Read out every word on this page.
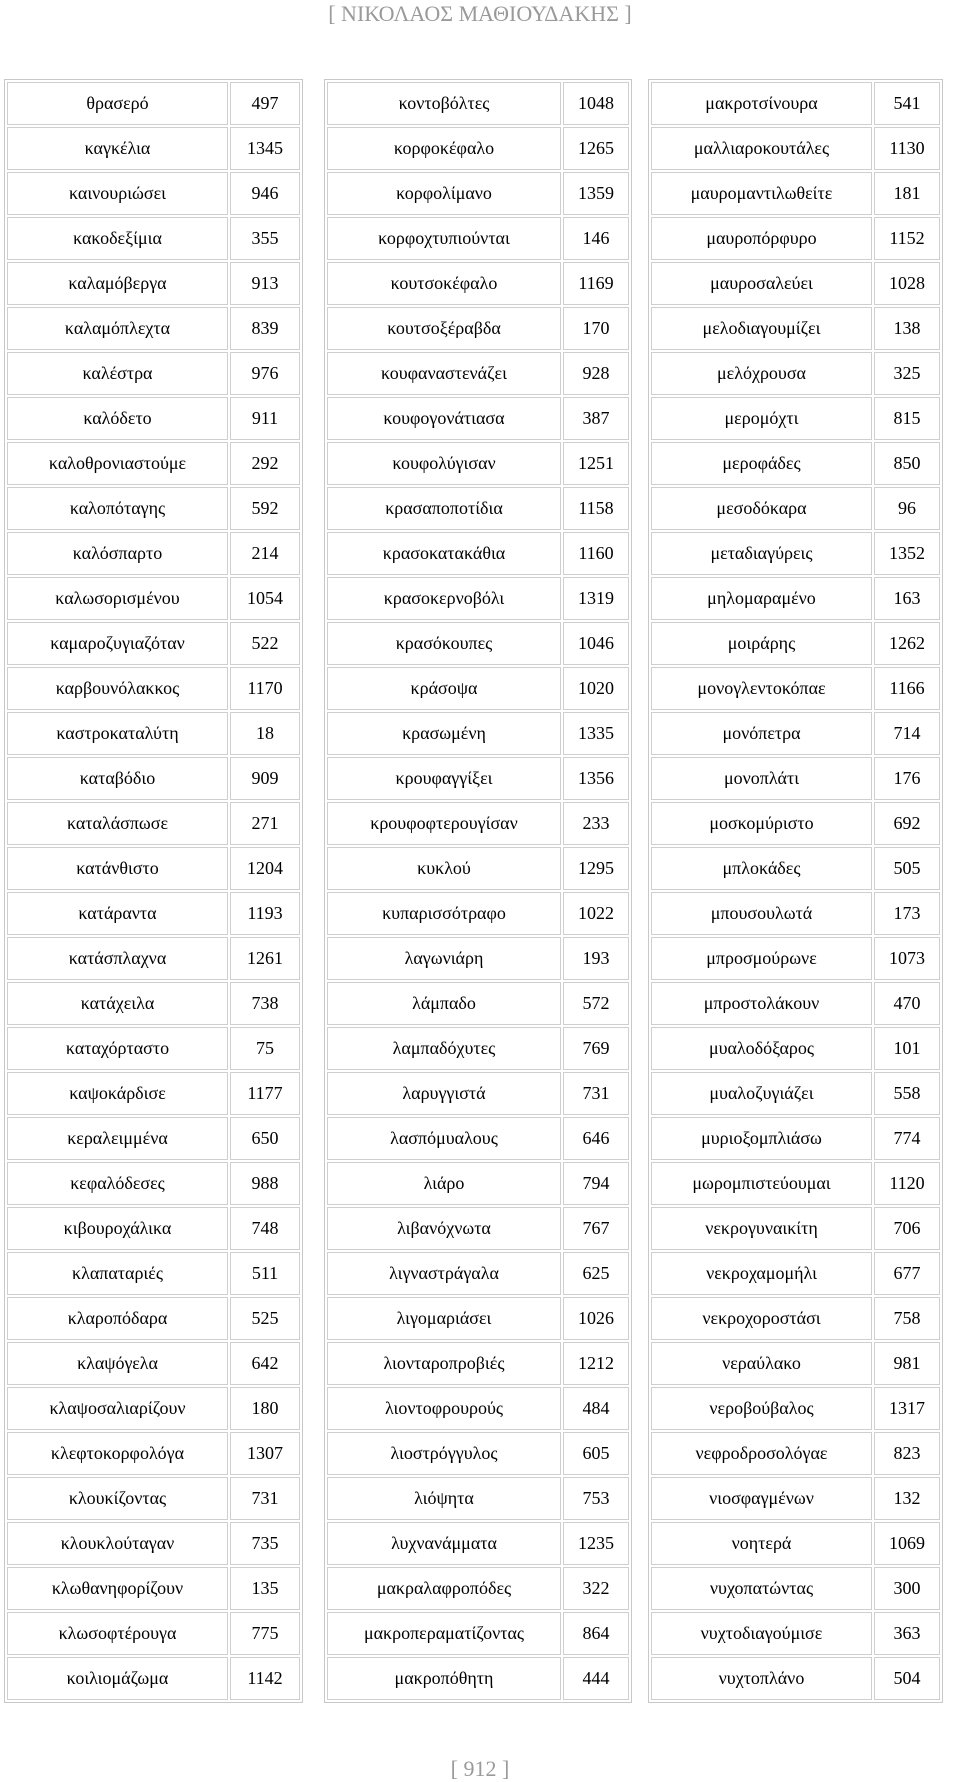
[ ΝΙΚΟΛΑΟΣ ΜΑΘΙΟΥΔΑΚΗΣ ]
θρασερό	497
καγκέλια	1345
καινουριώσει	946
κακοδεξίμια	355
καλαμόβεργα	913
καλαμόπλεχτα	839
καλέστρα	976
καλόδετο	911
καλοθρονιαστούμε	292
καλοπόταγης	592
καλόσπαρτο	214
καλωσορισμένου	1054
καμαροζυγιαζόταν	522
καρβουνόλακκος	1170
καστροκαταλύτη	18
καταβόδιο	909
καταλάσπωσε	271
κατάνθιστο	1204
κατάραντα	1193
κατάσπλαχνα	1261
κατάχειλα	738
καταχόρταστο	75
καψοκάρδισε	1177
κεραλειμμένα	650
κεφαλόδεσες	988
κιβουροχάλικα	748
κλαπαταριές	511
κλαροπόδαρα	525
κλαψόγελα	642
κλαψοσαλιαρίζουν	180
κλεφτοκορφολόγα	1307
κλουκίζοντας	731
κλουκλούταγαν	735
κλωθανηφορίζουν	135
κλωσοφτέρουγα	775
κοιλιομάζωμα	1142
κοντοβόλτες	1048
κορφοκέφαλο	1265
κορφολίμανο	1359
κορφοχτυπιούνται	146
κουτσοκέφαλο	1169
κουτσοξέραβδα	170
κουφαναστενάζει	928
κουφογονάτιασα	387
κουφολύγισαν	1251
κρασαποποτίδια	1158
κρασοκατακάθια	1160
κρασοκερνοβόλι	1319
κρασόκουπες	1046
κράσοψα	1020
κρασωμένη	1335
κρουφαγγίξει	1356
κρουφοφτερουγίσαν	233
κυκλού	1295
κυπαρισσότραφο	1022
λαγωνιάρη	193
λάμπαδο	572
λαμπαδόχυτες	769
λαρυγγιστά	731
λασπόμυαλους	646
λιάρο	794
λιβανόχνωτα	767
λιγναστράγαλα	625
λιγομαριάσει	1026
λιονταροπροβιές	1212
λιοντοφρουρούς	484
λιοστρόγγυλος	605
λιόψητα	753
λυχνανάμματα	1235
μακραλαφροπόδες	322
μακροπεραματίζοντας	864
μακροπόθητη	444
μακροτσίνουρα	541
μαλλιαροκουτάλες	1130
μαυρομαντιλωθείτε	181
μαυροπόρφυρο	1152
μαυροσαλεύει	1028
μελοδιαγουμίζει	138
μελόχρουσα	325
μερομόχτι	815
μεροφάδες	850
μεσοδόκαρα	96
μεταδιαγύρεις	1352
μηλομαραμένο	163
μοιράρης	1262
μονογλεντοκόπαε	1166
μονόπετρα	714
μονοπλάτι	176
μοσκομύριστο	692
μπλοκάδες	505
μπουσουλωτά	173
μπροσμούρωνε	1073
μπροστολάκουν	470
μυαλοδόξαρος	101
μυαλοζυγιάζει	558
μυριοξομπλιάσω	774
μωρομπιστεύουμαι	1120
νεκρογυναικίτη	706
νεκροχαμομήλι	677
νεκροχοροστάσι	758
νεραύλακο	981
νεροβούβαλος	1317
νεφροδροσολόγαε	823
νιοσφαγμένων	132
νοητερά	1069
νυχοπατώντας	300
νυχτοδιαγούμισε	363
νυχτοπλάνο	504
[ 912 ]
